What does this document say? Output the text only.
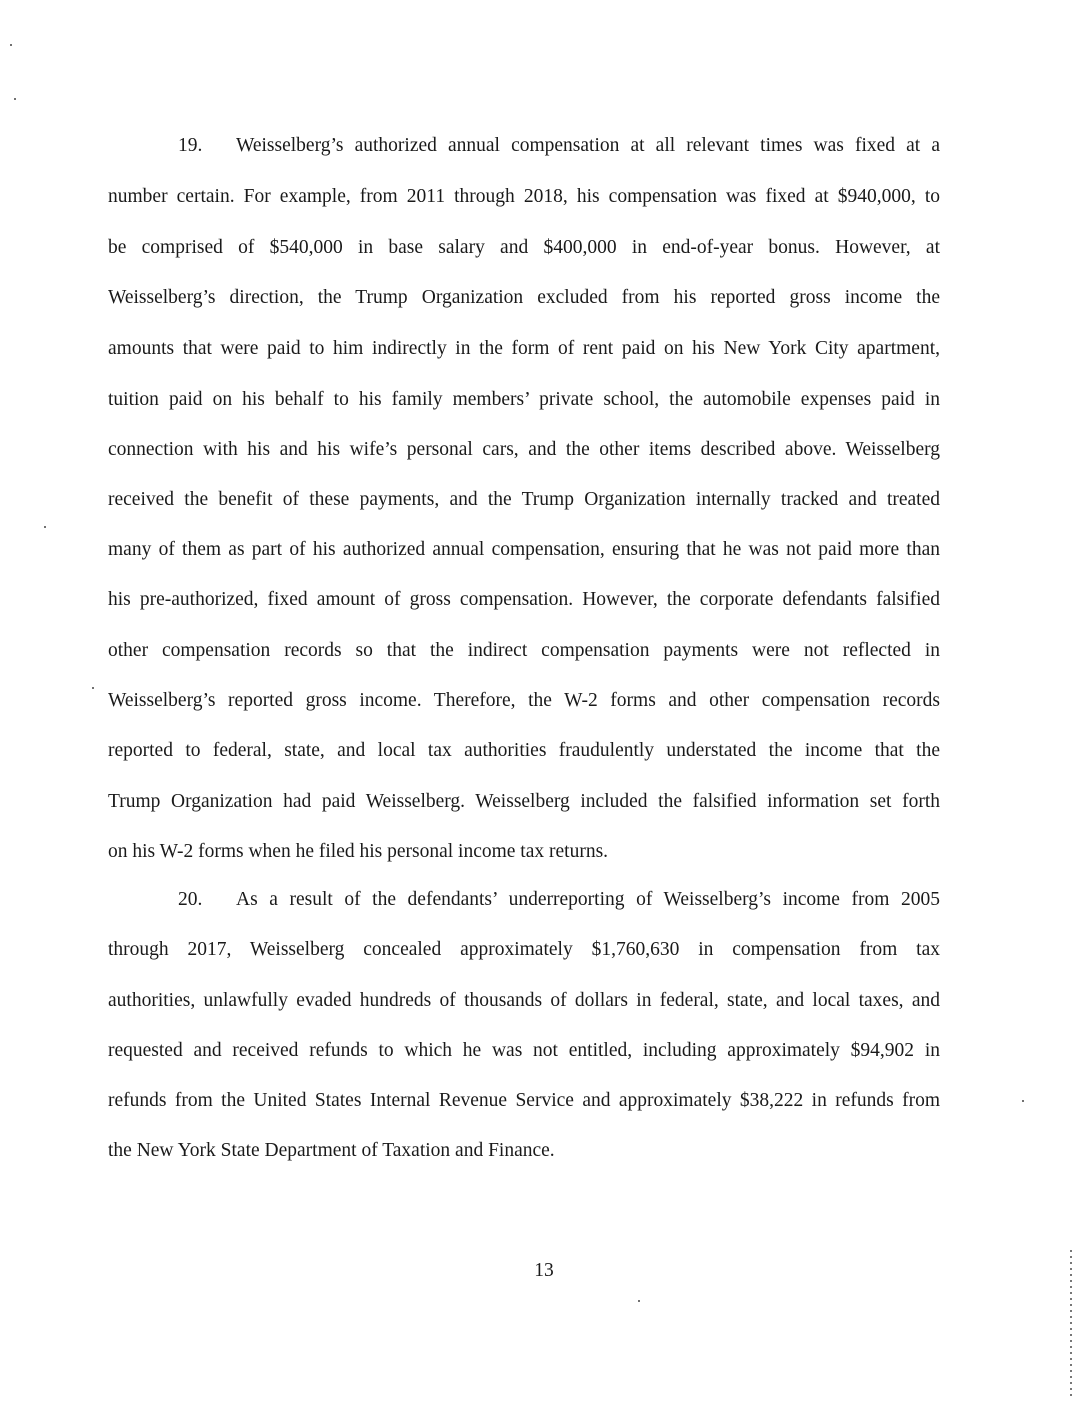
19. Weisselberg’s authorized annual compensation at all relevant times was fixed at a
number certain. For example, from 2011 through 2018, his compensation was fixed at $940,000, to
be comprised of $540,000 in base salary and $400,000 in end-of-year bonus. However, at
Weisselberg’s direction, the Trump Organization excluded from his reported gross income the
amounts that were paid to him indirectly in the form of rent paid on his New York City apartment,
tuition paid on his behalf to his family members’ private school, the automobile expenses paid in
connection with his and his wife’s personal cars, and the other items described above. Weisselberg
received the benefit of these payments, and the Trump Organization internally tracked and treated
many of them as part of his authorized annual compensation, ensuring that he was not paid more than
his pre-authorized, fixed amount of gross compensation. However, the corporate defendants falsified
other compensation records so that the indirect compensation payments were not reflected in
Weisselberg’s reported gross income. Therefore, the W-2 forms and other compensation records
reported to federal, state, and local tax authorities fraudulently understated the income that the
Trump Organization had paid Weisselberg. Weisselberg included the falsified information set forth
on his W-2 forms when he filed his personal income tax returns.
20. As a result of the defendants’ underreporting of Weisselberg’s income from 2005
through 2017, Weisselberg concealed approximately $1,760,630 in compensation from tax
authorities, unlawfully evaded hundreds of thousands of dollars in federal, state, and local taxes, and
requested and received refunds to which he was not entitled, including approximately $94,902 in
refunds from the United States Internal Revenue Service and approximately $38,222 in refunds from
the New York State Department of Taxation and Finance.
13
